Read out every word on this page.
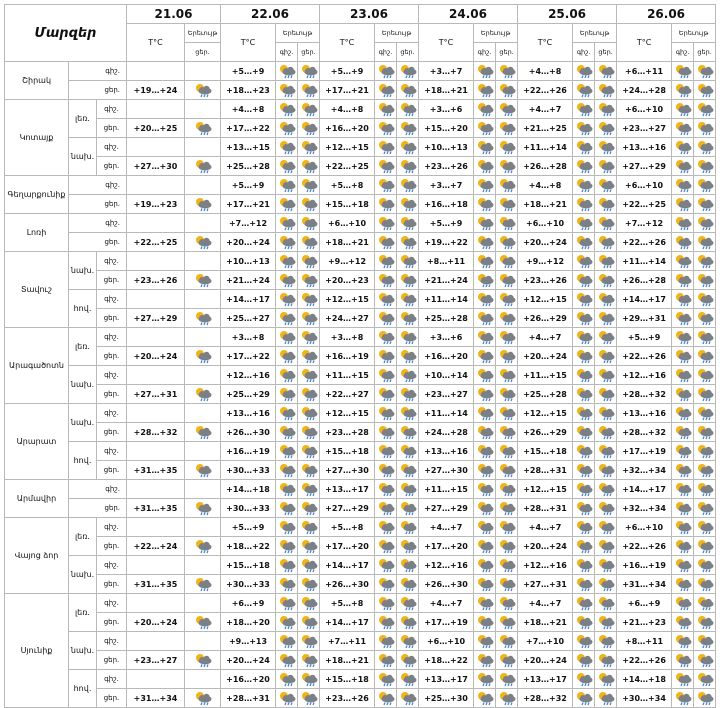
Մարզեր			21.06		22.06			23.06			24.06			25.06			26.06		
			T°C	Երեւույթ	T°C	Երեւույթ		T°C	Երեւույթ		T°C	Երեւույթ		T°C	Երեւույթ		T°C	Երեւույթ	
				ցեր.		գիշ.	ցեր.		գիշ.	ցեր.		գիշ.	ցեր.		գիշ.	ցեր.		գիշ.	ցեր.
Շիրակ	գիշ.				+5…+9			+5…+9			+3…+7			+4…+8			+6…+11	

	ցեր.		+19…+24		+18…+23			+17…+21			+18…+21			+22…+26			+24…+28	

Կոտայք	լեռ.	գիշ.			+4…+8			+4…+8			+3…+6			+4…+7			+6…+10	

		ցեր.	+20…+25		+17…+22			+16…+20			+15…+20			+21…+25			+23…+27	

	նախ.	գիշ.			+13…+15			+12…+15			+10…+13			+11…+14			+13…+16	

		ցեր.	+27…+30		+25…+28			+22…+25			+23…+26			+26…+28			+27…+29	

Գեղարքունիք	գիշ.				+5…+9			+5…+8			+3…+7			+4…+8			+6…+10	

	ցեր.		+19…+23		+17…+21			+15…+18			+16…+18			+18…+21			+22…+25	

Լոռի	գիշ.				+7…+12			+6…+10			+5…+9			+6…+10			+7…+12	

	ցեր.		+22…+25		+20…+24			+18…+21			+19…+22			+20…+24			+22…+26	

Տավուշ	նախ.	գիշ.			+10…+13			+9…+12			+8…+11			+9…+12			+11…+14	

		ցեր.	+23…+26		+21…+24			+20…+23			+21…+24			+23…+26			+26…+28	

	հով.	գիշ.			+14…+17			+12…+15			+11…+14			+12…+15			+14…+17	

		ցեր.	+27…+29		+25…+27			+24…+27			+25…+28			+26…+29			+29…+31	

Արագածոտն	լեռ.	գիշ.			+3…+8			+3…+8			+3…+6			+4…+7			+5…+9	

		ցեր.	+20…+24		+17…+22			+16…+19			+16…+20			+20…+24			+22…+26	

	նախ.	գիշ.			+12…+16			+11…+15			+10…+14			+11…+15			+12…+16	

		ցեր.	+27…+31		+25…+29			+22…+27			+23…+27			+25…+28			+28…+32	

Արարատ	նախ.	գիշ.			+13…+16			+12…+15			+11…+14			+12…+15			+13…+16	

		ցեր.	+28…+32		+26…+30			+23…+28			+24…+28			+26…+29			+28…+32	

	հով.	գիշ.			+16…+19			+15…+18			+13…+16			+15…+18			+17…+19	

		ցեր.	+31…+35		+30…+33			+27…+30			+27…+30			+28…+31			+32…+34	

Արմավիր	գիշ.				+14…+18			+13…+17			+11…+15			+12…+15			+14…+17	

	ցեր.		+31…+35		+30…+33			+27…+29			+27…+29			+28…+31			+32…+34	

Վայոց ձոր	լեռ.	գիշ.			+5…+9			+5…+8			+4…+7			+4…+7			+6…+10	

		ցեր.	+22…+24		+18…+22			+17…+20			+17…+20			+20…+24			+22…+26	

	նախ.	գիշ.			+15…+18			+14…+17			+12…+16			+12…+16			+16…+19	

		ցեր.	+31…+35		+30…+33			+26…+30			+26…+30			+27…+31			+31…+34	

Սյունիք	լեռ.	գիշ.			+6…+9			+5…+8			+4…+7			+4…+7			+6…+9	

		ցեր.	+20…+24		+18…+20			+14…+17			+17…+19			+18…+21			+21…+23	

	նախ.	գիշ.			+9…+13			+7…+11			+6…+10			+7…+10			+8…+11	

		ցեր.	+23…+27		+20…+24			+18…+21			+18…+22			+20…+24			+22…+26	

	հով.	գիշ.			+16…+20			+15…+18			+13…+17			+13…+17			+14…+18	

		ցեր.	+31…+34		+28…+31			+23…+26			+25…+30			+28…+32			+30…+34	
